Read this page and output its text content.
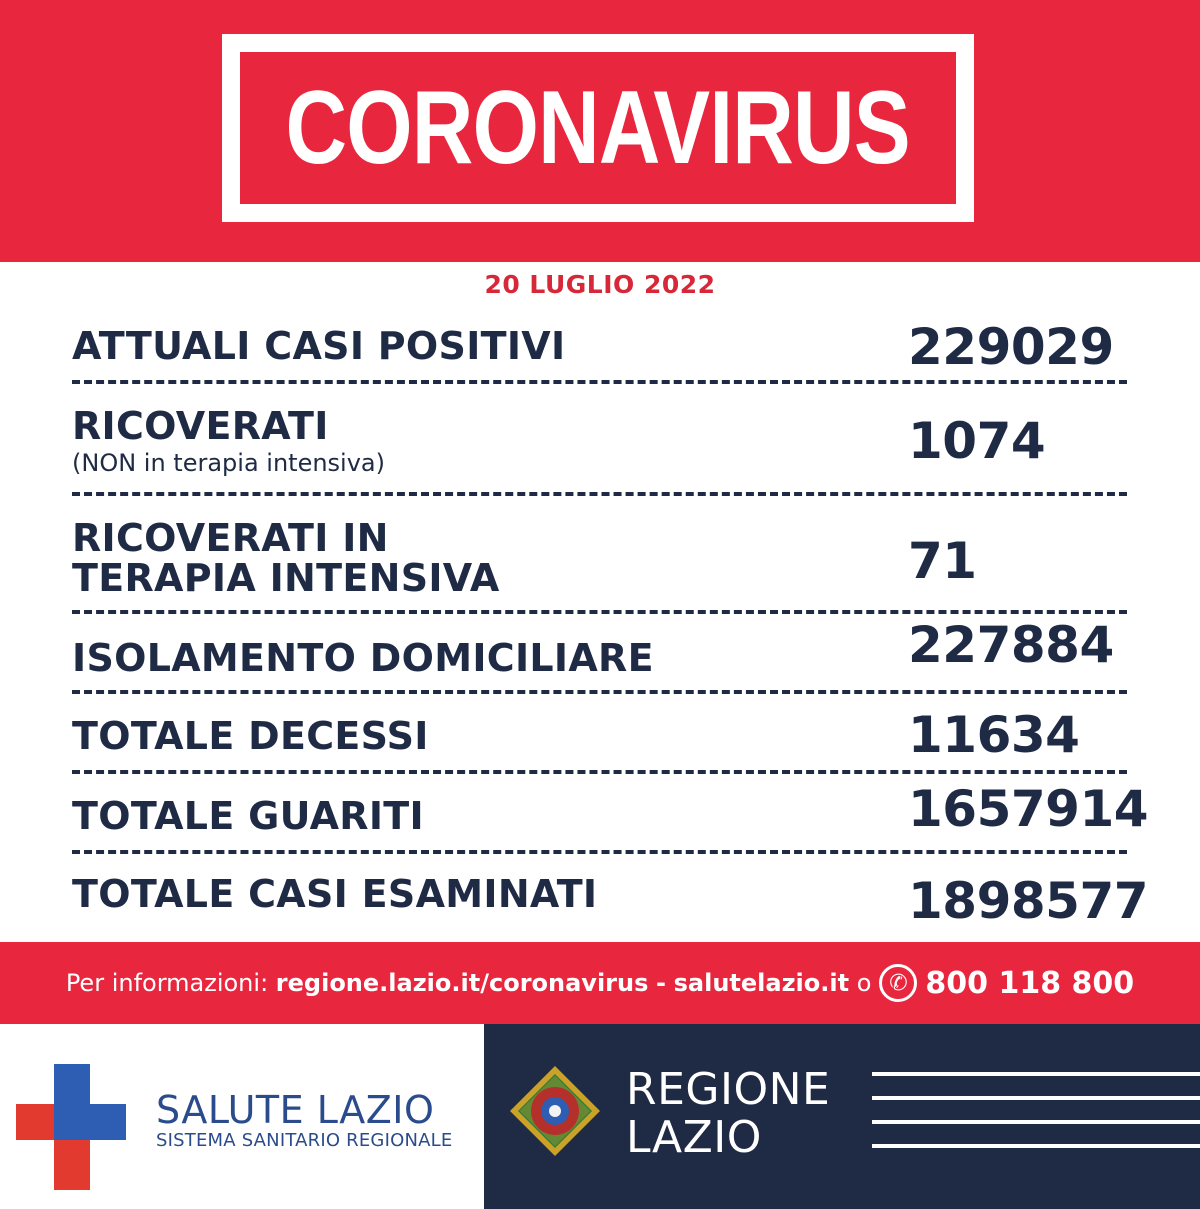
CORONAVIRUS
20 LUGLIO 2022
ATTUALI CASI POSITIVI	229029
RICOVERATI
(NON in terapia intensiva)	1074
RICOVERATI IN
TERAPIA INTENSIVA	71
ISOLAMENTO DOMICILIARE	227884
TOTALE DECESSI	11634
TOTALE GUARITI	1657914
TOTALE CASI ESAMINATI	1898577
Per informazioni:
regione.lazio.it/coronavirus
-
salutelazio.it
o ✆ 800 118 800
SALUTE LAZIO
SISTEMA SANITARIO REGIONALE
REGIONE
LAZIO
